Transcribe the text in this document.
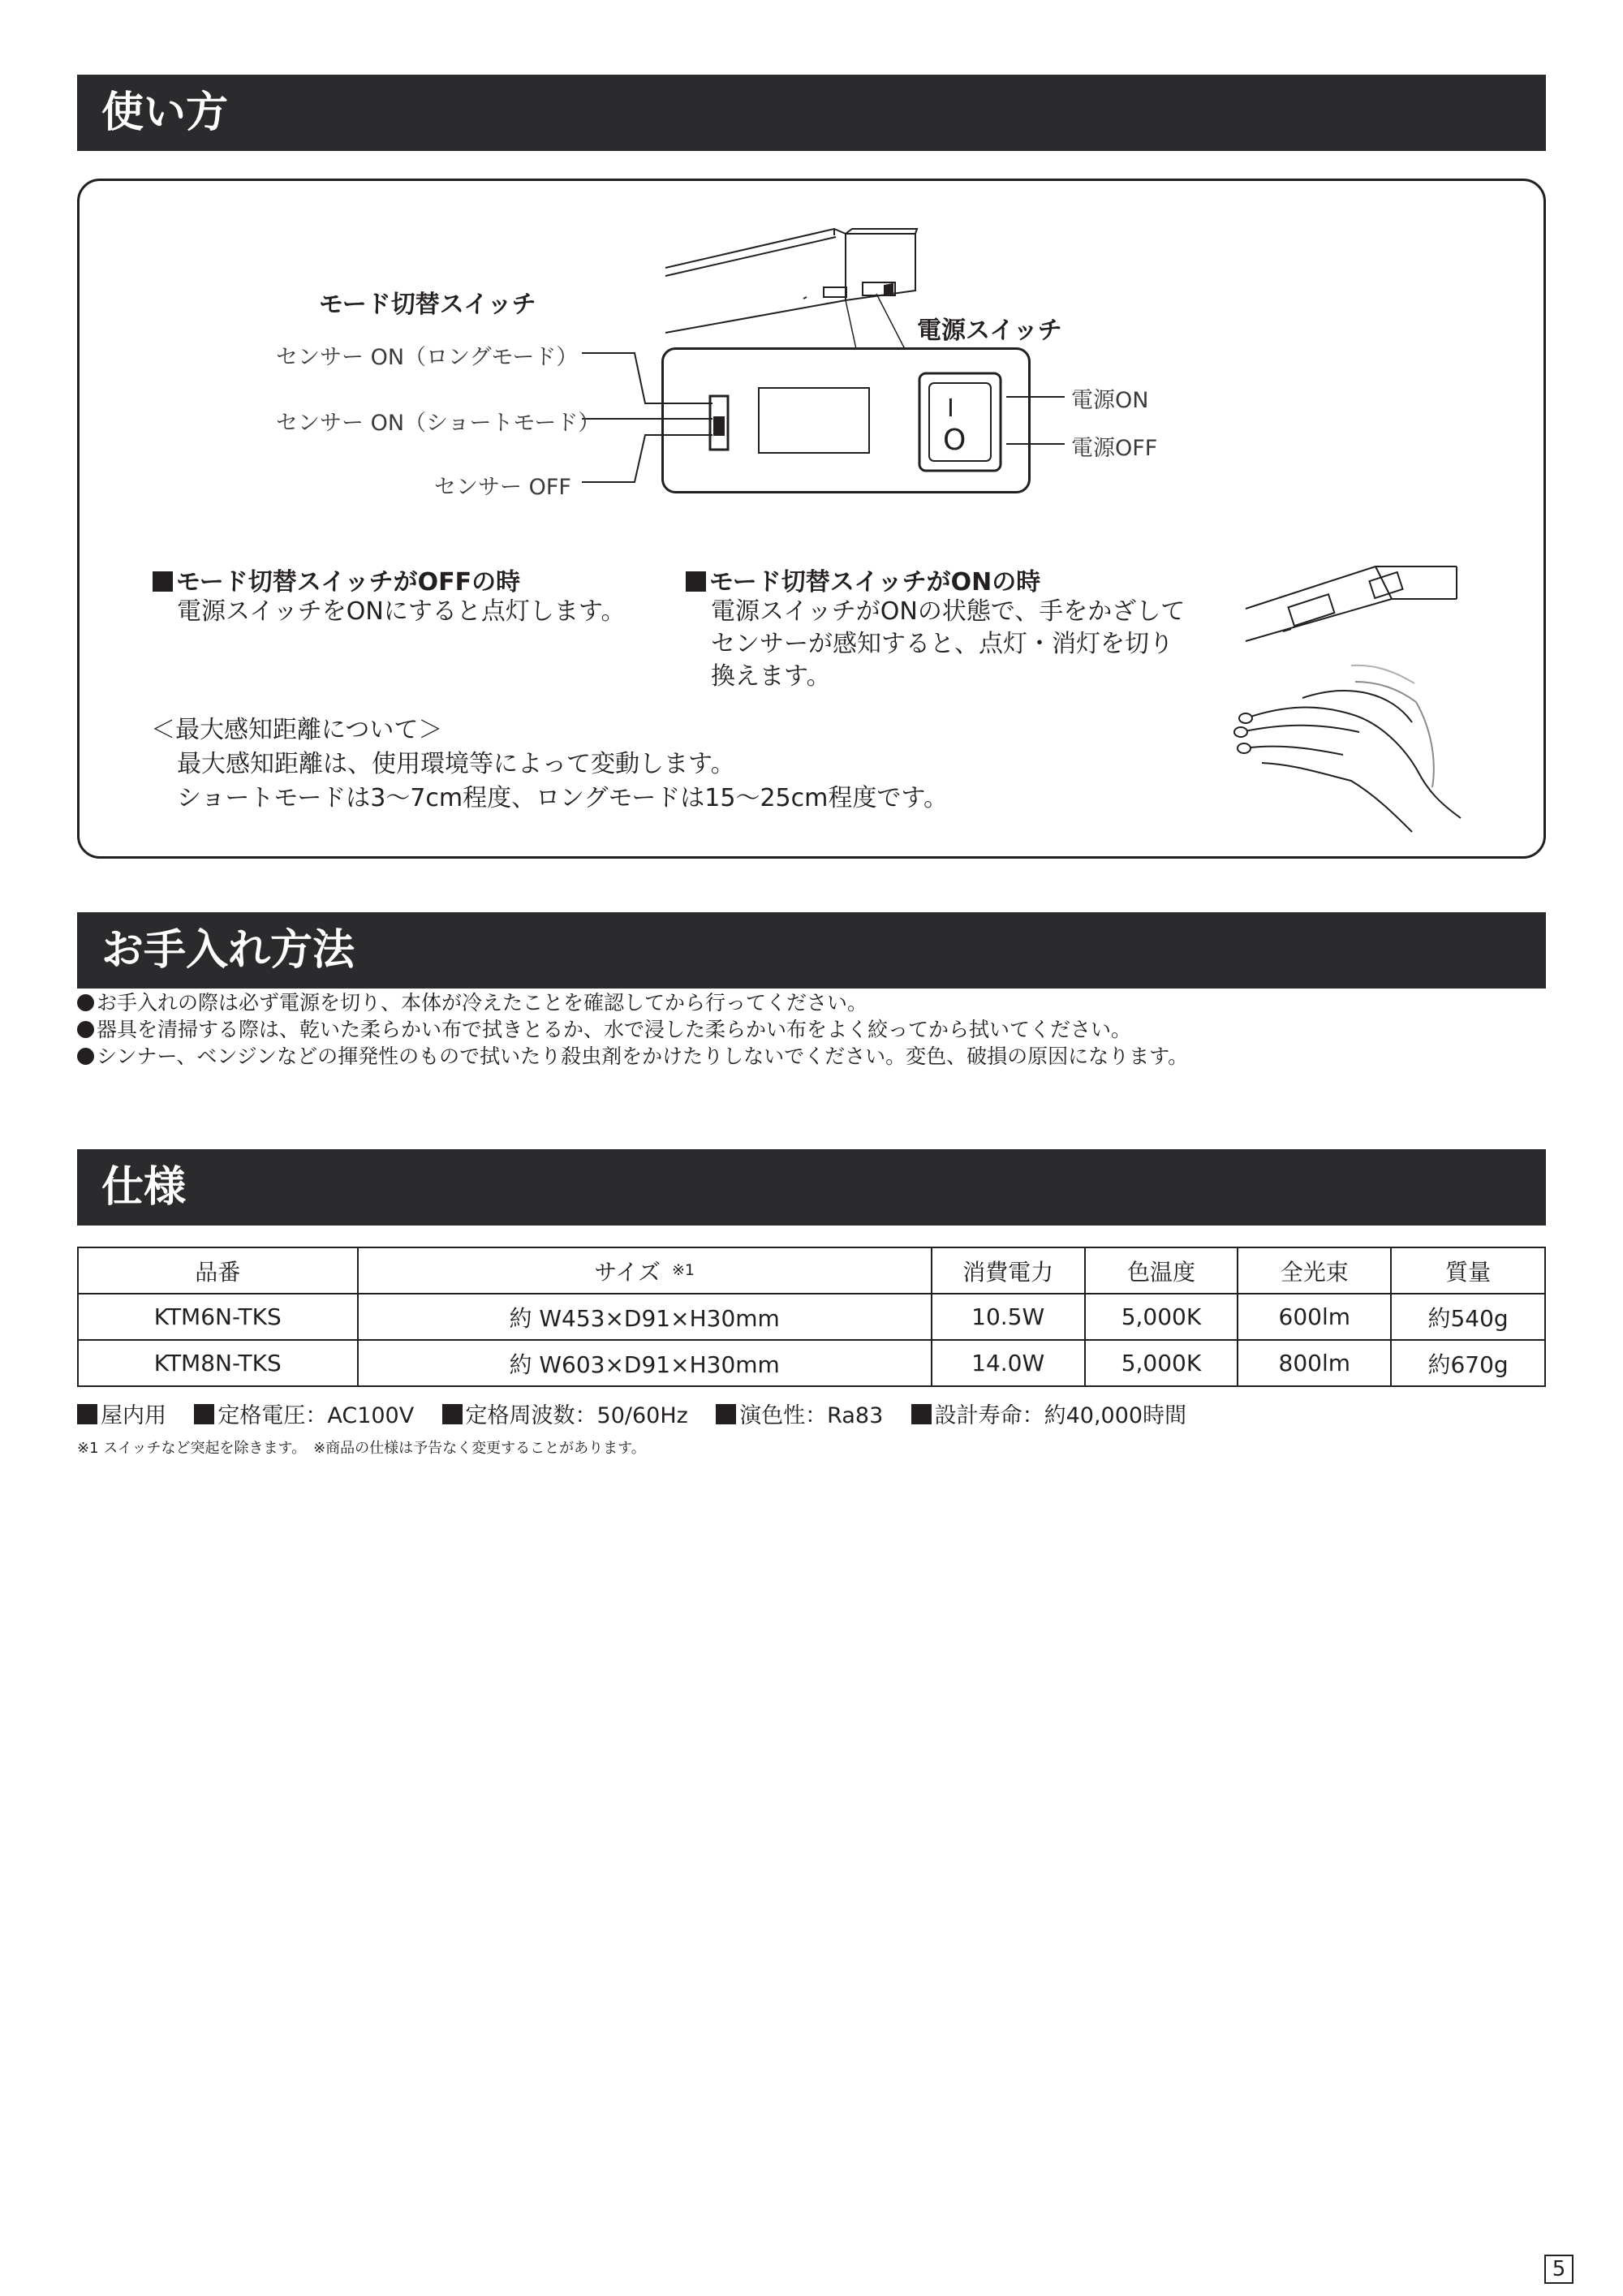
使い方
I
O
モード切替スイッチ
電源スイッチ
センサー ON（ロングモード）
センサー ON（ショートモード）
センサー OFF
電源ON
電源OFF
モード切替スイッチがOFFの時
電源スイッチをONにすると点灯します。
モード切替スイッチがONの時
電源スイッチがONの状態で、手をかざしてセンサーが感知すると、点灯・消灯を切り換えます。
＜最大感知距離について＞
最大感知距離は、使用環境等によって変動します。
ショートモードは3〜7cm程度、ロングモードは15〜25cm程度です。
お手入れ方法
お手入れの際は必ず電源を切り、本体が冷えたことを確認してから行ってください。
器具を清掃する際は、乾いた柔らかい布で拭きとるか、水で浸した柔らかい布をよく絞ってから拭いてください。
シンナー、ベンジンなどの揮発性のもので拭いたり殺虫剤をかけたりしないでください。変色、破損の原因になります。
仕様
品番	サイズ $^{※1}$	消費電力	色温度	全光束	質量
KTM6N-TKS	約 W453×D91×H30mm	10.5W	5,000K	600lm	約540g
KTM8N-TKS	約 W603×D91×H30mm	14.0W	5,000K	800lm	約670g
屋内用 定格電圧：AC100V 定格周波数：50/60Hz 演色性：Ra83 設計寿命：約40,000時間
※1 スイッチなど突起を除きます。　※商品の仕様は予告なく変更することがあります。
5
